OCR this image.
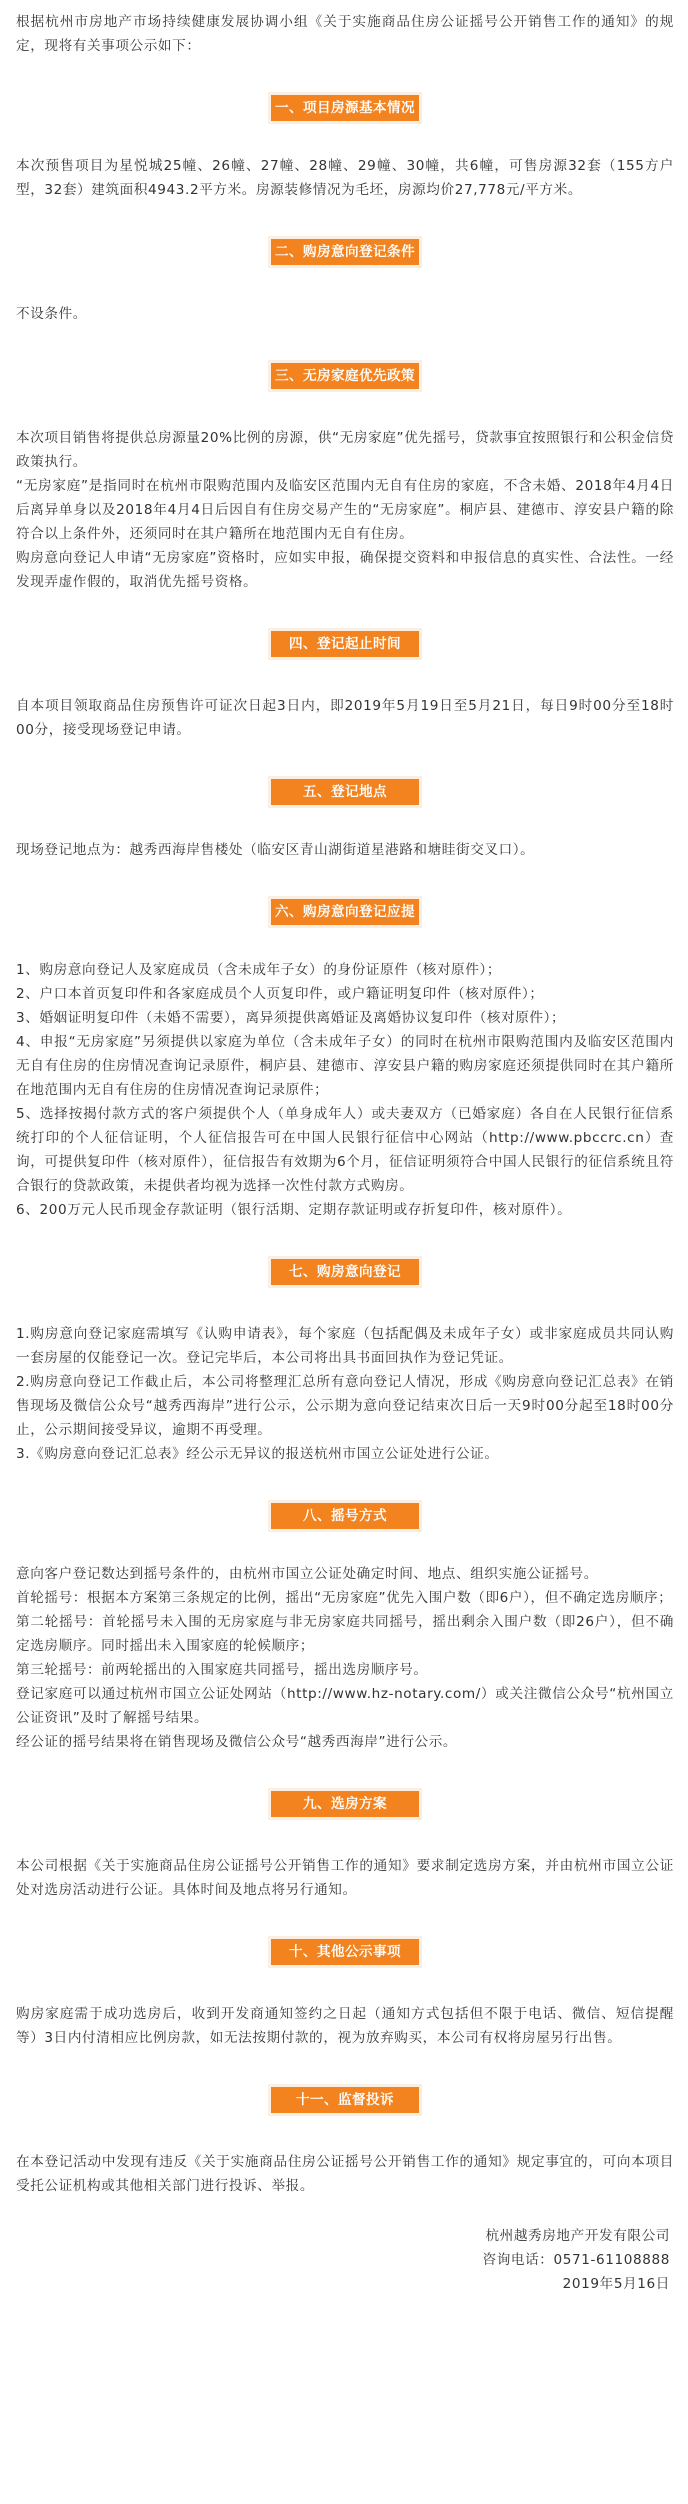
根据杭州市房地产市场持续健康发展协调小组《关于实施商品住房公证摇号公开销售工作的通知》的规定，现将有关事项公示如下：

一、项目房源基本情况

本次预售项目为星悦城25幢、26幢、27幢、28幢、29幢、30幢，共6幢，可售房源32套（155方户型，32套）建筑面积4943.2平方米。房源装修情况为毛坯，房源均价27,778元/平方米。

二、购房意向登记条件

不设条件。

三、无房家庭优先政策

本次项目销售将提供总房源量20%比例的房源，供“无房家庭”优先摇号，贷款事宜按照银行和公积金信贷政策执行。

“无房家庭”是指同时在杭州市限购范围内及临安区范围内无自有住房的家庭，不含未婚、2018年4月4日后离异单身以及2018年4月4日后因自有住房交易产生的“无房家庭”。桐庐县、建德市、淳安县户籍的除符合以上条件外，还须同时在其户籍所在地范围内无自有住房。

购房意向登记人申请“无房家庭”资格时，应如实申报，确保提交资料和申报信息的真实性、合法性。一经发现弄虚作假的，取消优先摇号资格。

四、登记起止时间

自本项目领取商品住房预售许可证次日起3日内，即2019年5月19日至5月21日，每日9时00分至18时00分，接受现场登记申请。

五、登记地点

现场登记地点为：越秀西海岸售楼处（临安区青山湖街道星港路和塘眭街交叉口）。

六、购房意向登记应提交的材料

1、购房意向登记人及家庭成员（含未成年子女）的身份证原件（核对原件）；

2、户口本首页复印件和各家庭成员个人页复印件，或户籍证明复印件（核对原件）；

3、婚姻证明复印件（未婚不需要），离异须提供离婚证及离婚协议复印件（核对原件）；

4、申报“无房家庭”另须提供以家庭为单位（含未成年子女）的同时在杭州市限购范围内及临安区范围内无自有住房的住房情况查询记录原件，桐庐县、建德市、淳安县户籍的购房家庭还须提供同时在其户籍所在地范围内无自有住房的住房情况查询记录原件；

5、选择按揭付款方式的客户须提供个人（单身成年人）或夫妻双方（已婚家庭）各自在人民银行征信系统打印的个人征信证明，个人征信报告可在中国人民银行征信中心网站（http://www.pbccrc.cn）查询，可提供复印件（核对原件），征信报告有效期为6个月，征信证明须符合中国人民银行的征信系统且符合银行的贷款政策，未提供者均视为选择一次性付款方式购房。

6、200万元人民币现金存款证明（银行活期、定期存款证明或存折复印件，核对原件）。

七、购房意向登记

1.购房意向登记家庭需填写《认购申请表》，每个家庭（包括配偶及未成年子女）或非家庭成员共同认购一套房屋的仅能登记一次。登记完毕后，本公司将出具书面回执作为登记凭证。

2.购房意向登记工作截止后，本公司将整理汇总所有意向登记人情况，形成《购房意向登记汇总表》在销售现场及微信公众号“越秀西海岸”进行公示，公示期为意向登记结束次日后一天9时00分起至18时00分止，公示期间接受异议，逾期不再受理。

3.《购房意向登记汇总表》经公示无异议的报送杭州市国立公证处进行公证。

八、摇号方式

意向客户登记数达到摇号条件的，由杭州市国立公证处确定时间、地点、组织实施公证摇号。

首轮摇号：根据本方案第三条规定的比例，摇出“无房家庭”优先入围户数（即6户），但不确定选房顺序；

第二轮摇号：首轮摇号未入围的无房家庭与非无房家庭共同摇号，摇出剩余入围户数（即26户），但不确定选房顺序。同时摇出未入围家庭的轮候顺序；

第三轮摇号：前两轮摇出的入围家庭共同摇号，摇出选房顺序号。

登记家庭可以通过杭州市国立公证处网站（http://www.hz-notary.com/）或关注微信公众号“杭州国立公证资讯”及时了解摇号结果。

经公证的摇号结果将在销售现场及微信公众号“越秀西海岸”进行公示。

九、选房方案

本公司根据《关于实施商品住房公证摇号公开销售工作的通知》要求制定选房方案，并由杭州市国立公证处对选房活动进行公证。具体时间及地点将另行通知。

十、其他公示事项

购房家庭需于成功选房后，收到开发商通知签约之日起（通知方式包括但不限于电话、微信、短信提醒等）3日内付清相应比例房款，如无法按期付款的，视为放弃购买，本公司有权将房屋另行出售。

十一、监督投诉

在本登记活动中发现有违反《关于实施商品住房公证摇号公开销售工作的通知》规定事宜的，可向本项目受托公证机构或其他相关部门进行投诉、举报。

杭州越秀房地产开发有限公司

咨询电话：0571-61108888

2019年5月16日
